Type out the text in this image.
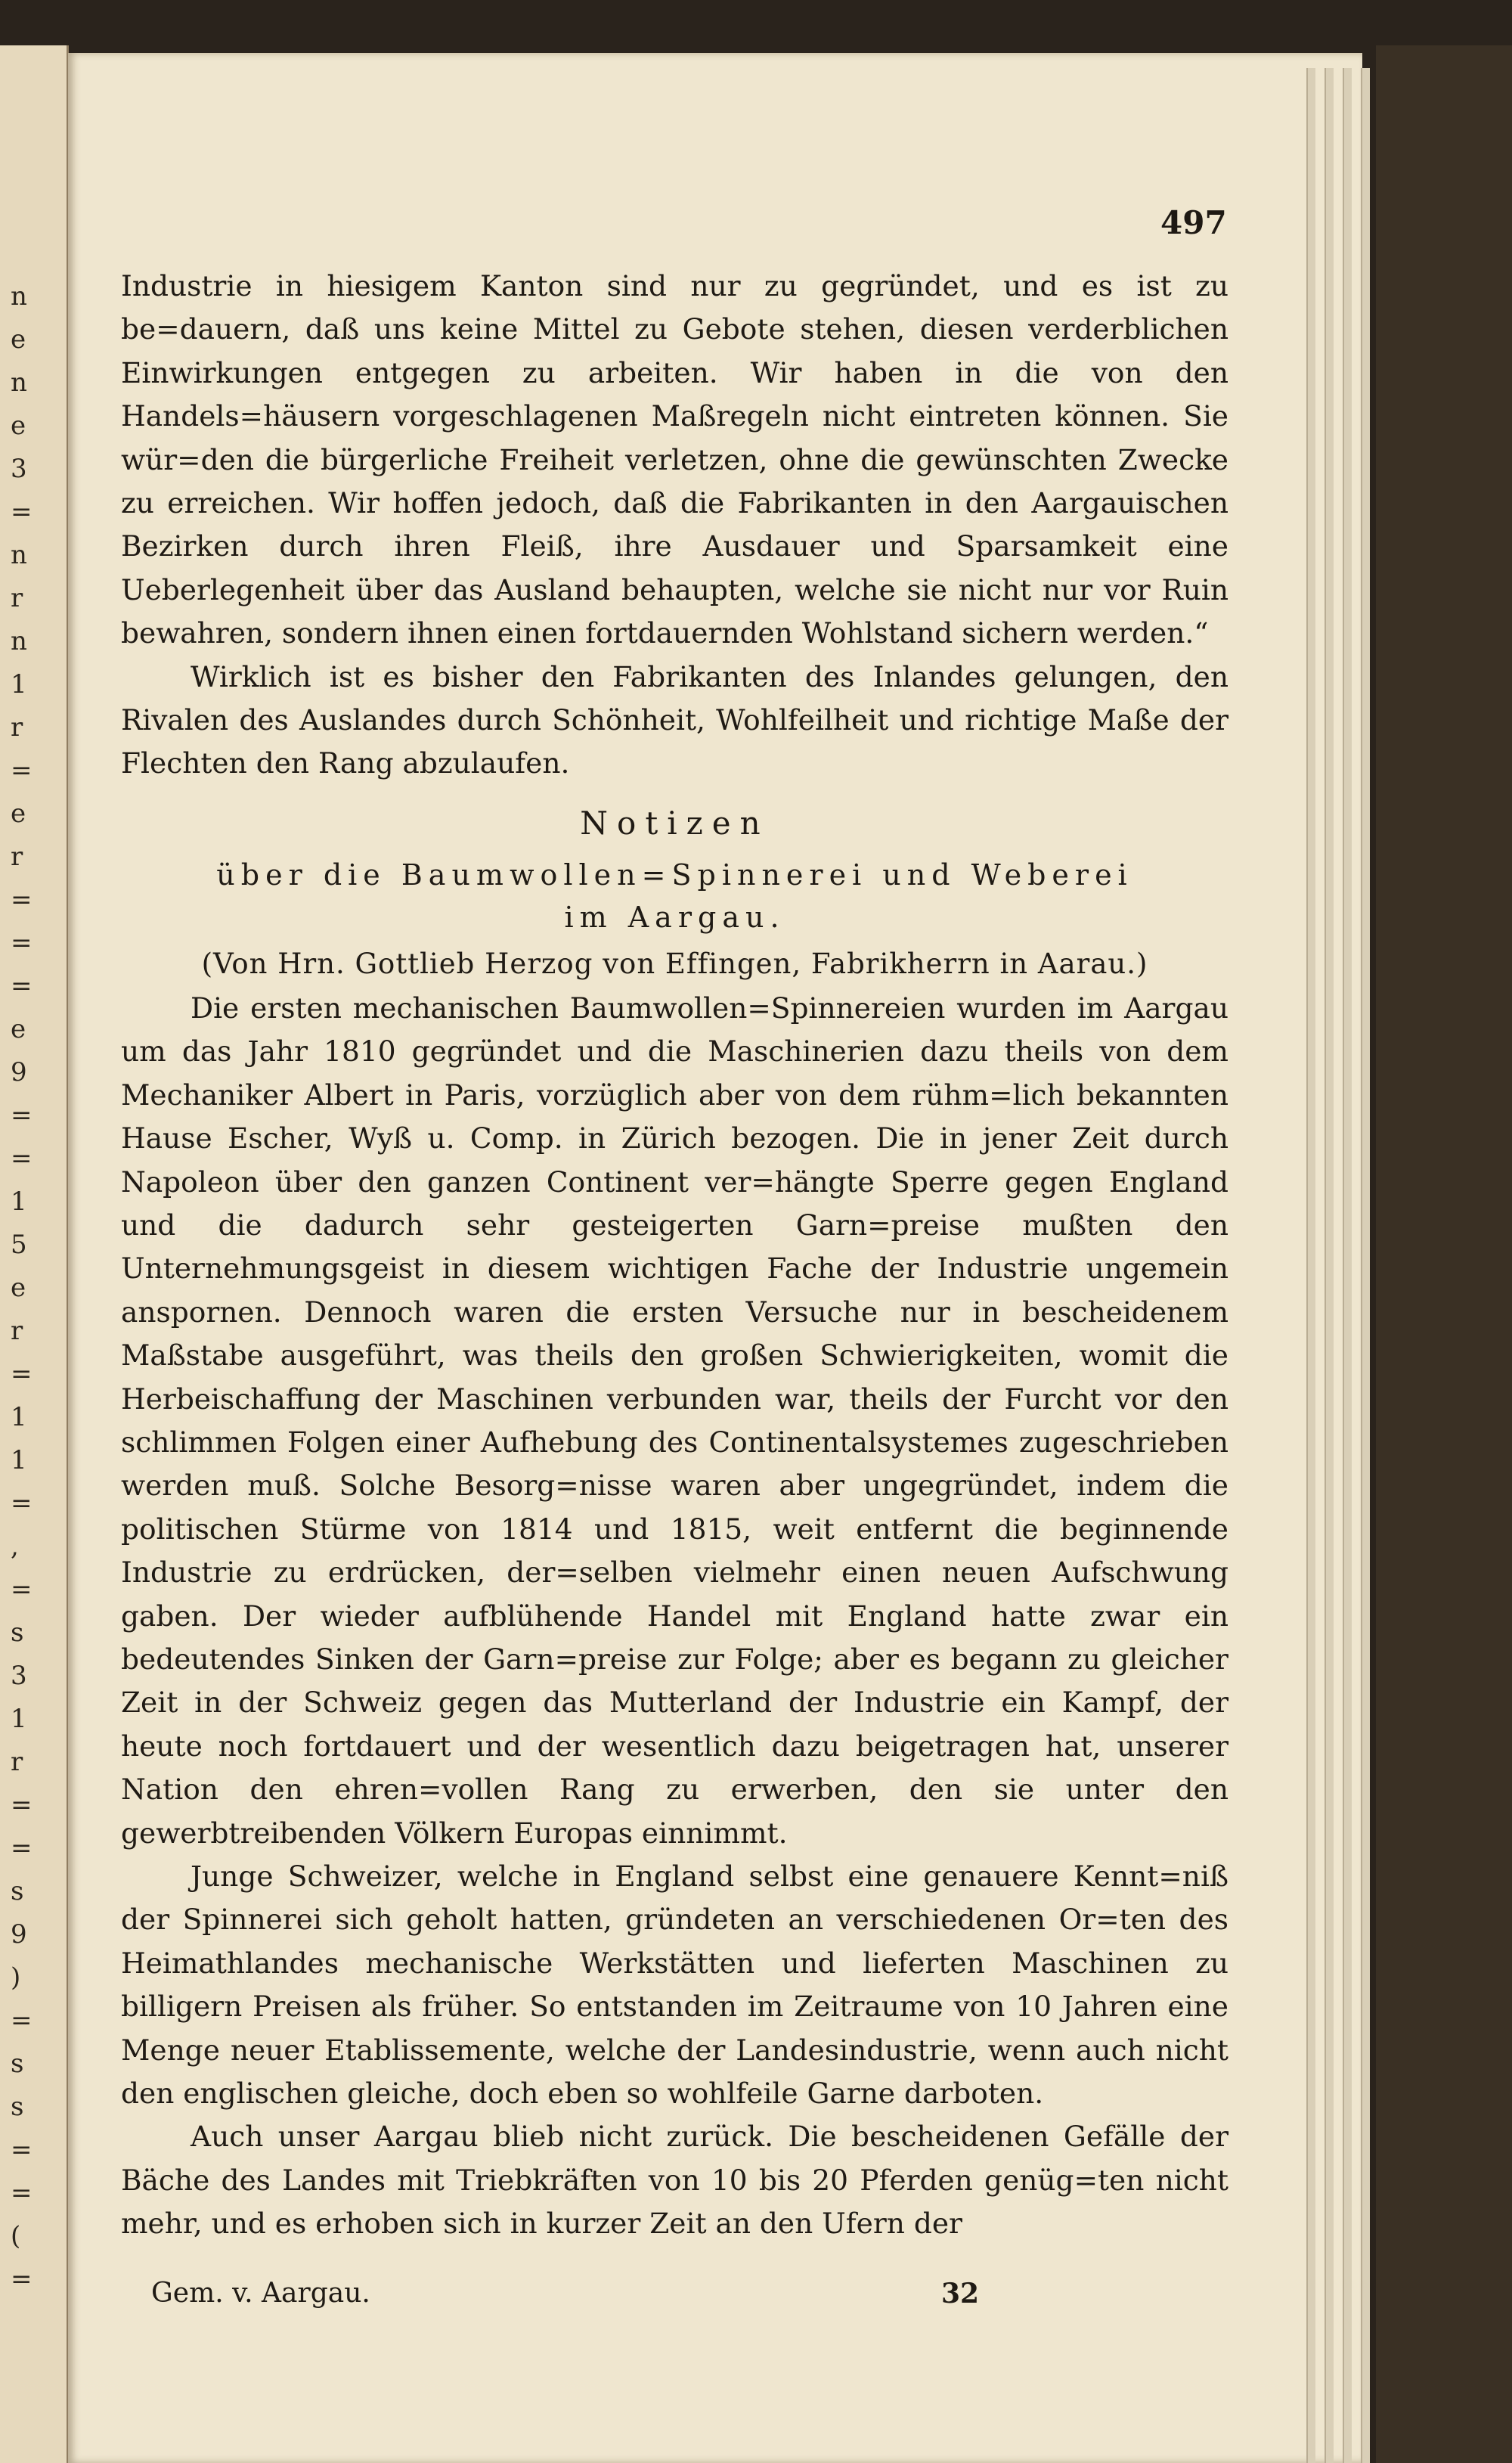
n
e
n
e
3
=
n
r
n
1
r
=
e
r
=
=
=
e
9
=
=
1
5
e
r
=
1
1
=
,
=
s
3
1
r
=
=
s
9
)
=
s
s
=
=
(
=
497

Industrie in hiesigem Kanton sind nur zu gegründet, und es ist zu be=dauern, daß uns keine Mittel zu Gebote stehen, diesen verderblichen Einwirkungen entgegen zu arbeiten. Wir haben in die von den Handels=häusern vorgeschlagenen Maßregeln nicht eintreten können. Sie wür=den die bürgerliche Freiheit verletzen, ohne die gewünschten Zwecke zu erreichen. Wir hoffen jedoch, daß die Fabrikanten in den Aargauischen Bezirken durch ihren Fleiß, ihre Ausdauer und Sparsamkeit eine Ueberlegenheit über das Ausland behaupten, welche sie nicht nur vor Ruin bewahren, sondern ihnen einen fortdauernden Wohlstand sichern werden.“

Wirklich ist es bisher den Fabrikanten des Inlandes gelungen, den Rivalen des Auslandes durch Schönheit, Wohlfeilheit und richtige Maße der Flechten den Rang abzulaufen.

Notizen

über die Baumwollen=Spinnerei und Weberei

im Aargau.

(Von Hrn. Gottlieb Herzog von Effingen, Fabrikherrn in Aarau.)

Die ersten mechanischen Baumwollen=Spinnereien wurden im Aargau um das Jahr 1810 gegründet und die Maschinerien dazu theils von dem Mechaniker Albert in Paris, vorzüglich aber von dem rühm=lich bekannten Hause Escher, Wyß u. Comp. in Zürich bezogen. Die in jener Zeit durch Napoleon über den ganzen Continent ver=hängte Sperre gegen England und die dadurch sehr gesteigerten Garn=preise mußten den Unternehmungsgeist in diesem wichtigen Fache der Industrie ungemein anspornen. Dennoch waren die ersten Versuche nur in bescheidenem Maßstabe ausgeführt, was theils den großen Schwierigkeiten, womit die Herbeischaffung der Maschinen verbunden war, theils der Furcht vor den schlimmen Folgen einer Aufhebung des Continentalsystemes zugeschrieben werden muß. Solche Besorg=nisse waren aber ungegründet, indem die politischen Stürme von 1814 und 1815, weit entfernt die beginnende Industrie zu erdrücken, der=selben vielmehr einen neuen Aufschwung gaben. Der wieder aufblühende Handel mit England hatte zwar ein bedeutendes Sinken der Garn=preise zur Folge; aber es begann zu gleicher Zeit in der Schweiz gegen das Mutterland der Industrie ein Kampf, der heute noch fortdauert und der wesentlich dazu beigetragen hat, unserer Nation den ehren=vollen Rang zu erwerben, den sie unter den gewerbtreibenden Völkern Europas einnimmt.

Junge Schweizer, welche in England selbst eine genauere Kennt=niß der Spinnerei sich geholt hatten, gründeten an verschiedenen Or=ten des Heimathlandes mechanische Werkstätten und lieferten Maschinen zu billigern Preisen als früher. So entstanden im Zeitraume von 10 Jahren eine Menge neuer Etablissemente, welche der Landesindustrie, wenn auch nicht den englischen gleiche, doch eben so wohlfeile Garne darboten.

Auch unser Aargau blieb nicht zurück. Die bescheidenen Gefälle der Bäche des Landes mit Triebkräften von 10 bis 20 Pferden genüg=ten nicht mehr, und es erhoben sich in kurzer Zeit an den Ufern der

Gem. v. Aargau.	32
